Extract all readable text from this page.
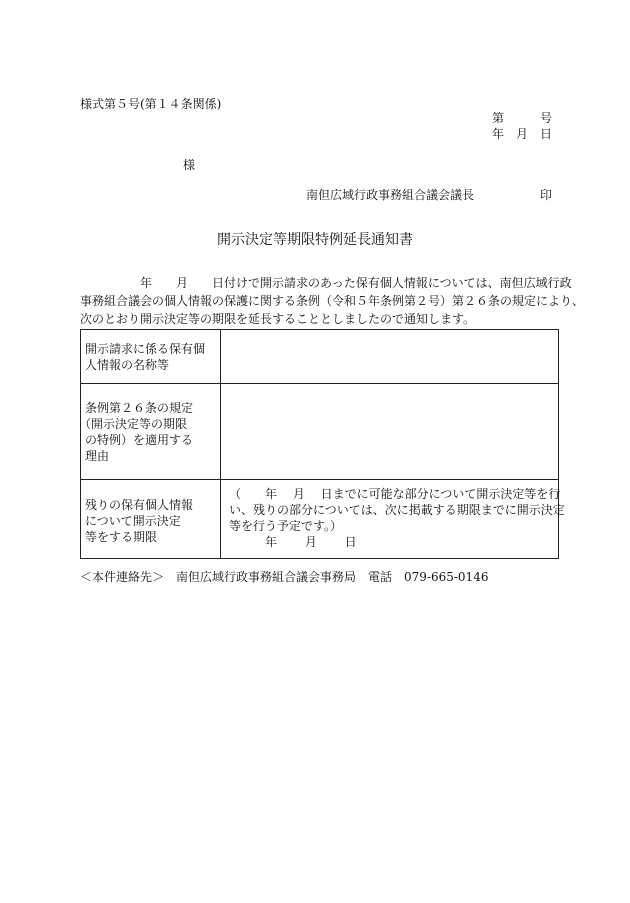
様式第５号(第１４条関係)
第　　　号
年　月　日
様
南但広域行政事務組合議会議長	印
開示決定等期限特例延長通知書
　　　　　年　　月　　日付けで開示請求のあった保有個人情報については、南但広域行政
事務組合議会の個人情報の保護に関する条例（令和５年条例第２号）第２６条の規定により、
次のとおり開示決定等の期限を延長することとしましたので通知します。
開示請求に係る保有個
人情報の名称等
条例第２６条の規定
（開示決定等の期限
の特例）を適用する
理由
残りの保有個人情報
について開示決定
等をする期限
（　　年　 月　 日までに可能な部分について開示決定等を行
い、残りの部分については、次に掲載する期限までに開示決定
等を行う予定です。）
　　　年　　 月　　 日
＜本件連絡先＞　南但広域行政事務組合議会事務局　電話　079-665-0146
